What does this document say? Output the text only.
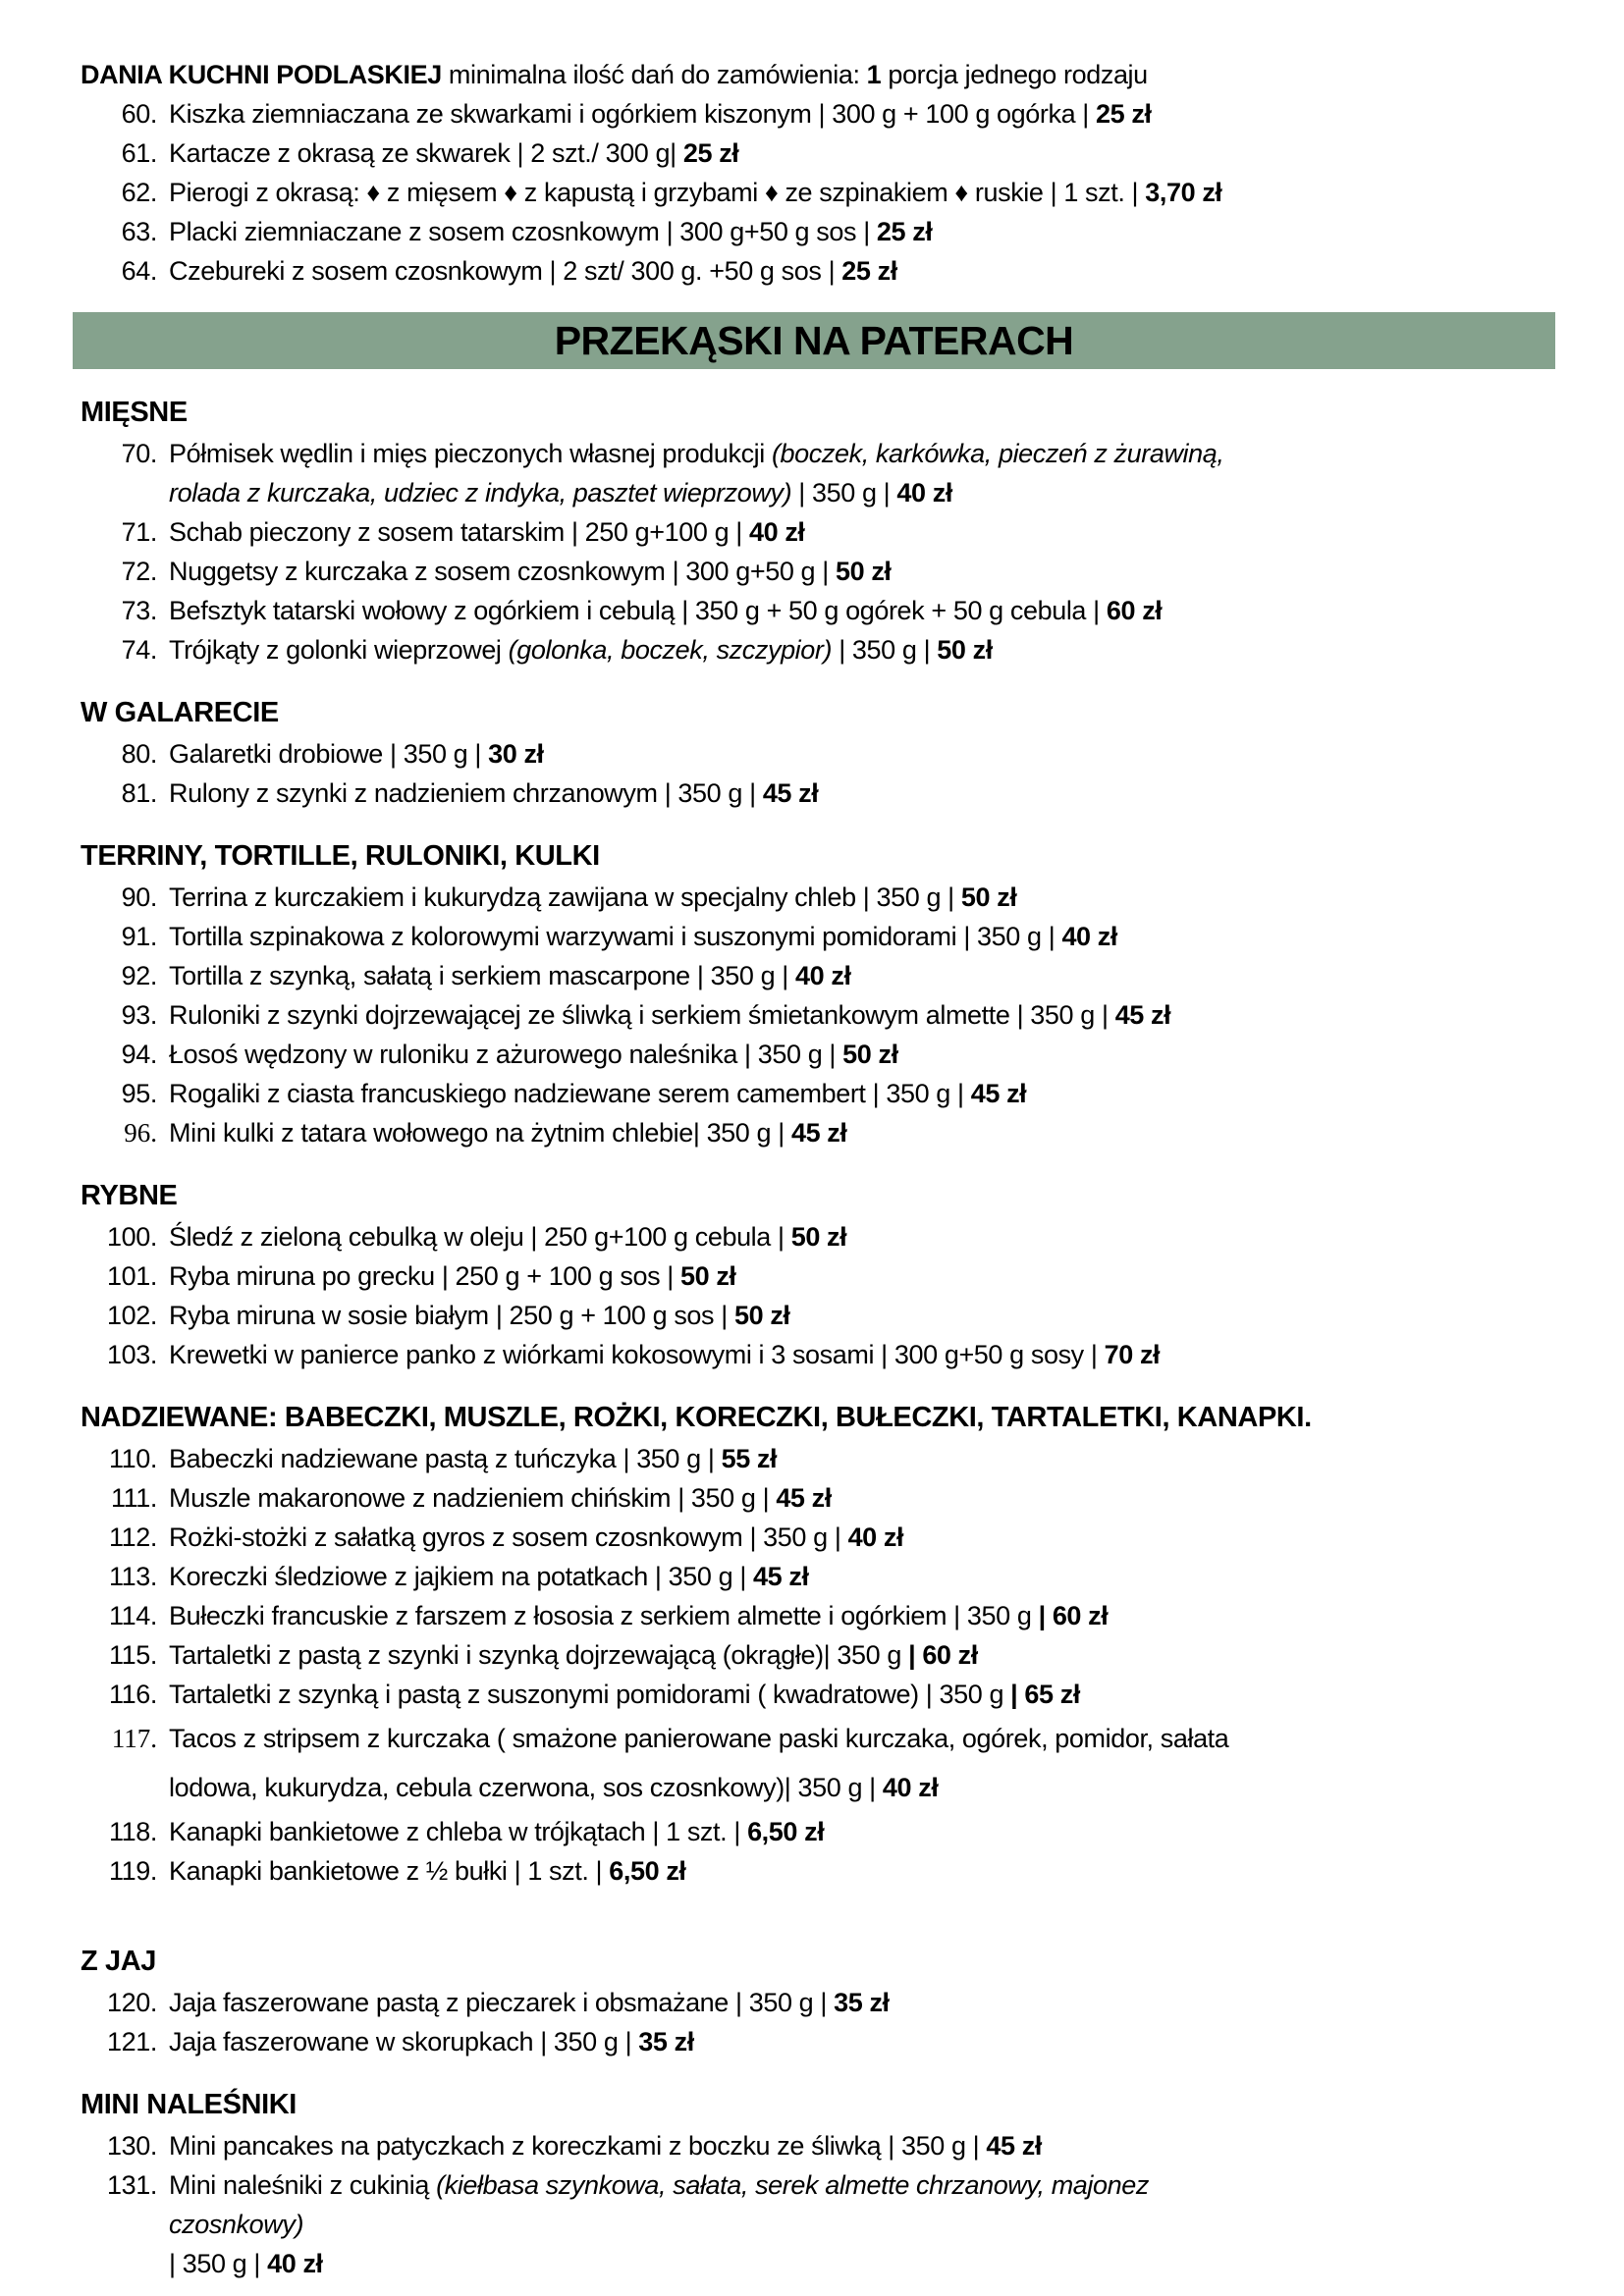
DANIA KUCHNI PODLASKIEJ minimalna ilość dań do zamówienia: 1 porcja jednego rodzaju

60. Kiszka ziemniaczana ze skwarkami i ogórkiem kiszonym | 300 g + 100 g ogórka | 25 zł
61. Kartacze z okrasą ze skwarek | 2 szt./ 300 g| 25 zł
62. Pierogi z okrasą: ♦ z mięsem ♦ z kapustą i grzybami ♦ ze szpinakiem ♦ ruskie | 1 szt. | 3,70 zł
63. Placki ziemniaczane z sosem czosnkowym | 300 g+50 g sos | 25 zł
64. Czebureki z sosem czosnkowym | 2 szt/ 300 g. +50 g sos | 25 zł
PRZEKĄSKI NA PATERACH
MIĘSNE
70. Półmisek wędlin i mięs pieczonych własnej produkcji (boczek, karkówka, pieczeń z żurawiną,
rolada z kurczaka, udziec z indyka, pasztet wieprzowy) | 350 g | 40 zł
71. Schab pieczony z sosem tatarskim | 250 g+100 g | 40 zł
72. Nuggetsy z kurczaka z sosem czosnkowym | 300 g+50 g | 50 zł
73. Befsztyk tatarski wołowy z ogórkiem i cebulą | 350 g + 50 g ogórek + 50 g cebula | 60 zł
74. Trójkąty z golonki wieprzowej (golonka, boczek, szczypior) | 350 g | 50 zł
W GALARECIE
80. Galaretki drobiowe | 350 g | 30 zł
81. Rulony z szynki z nadzieniem chrzanowym | 350 g | 45 zł
TERRINY, TORTILLE, RULONIKI, KULKI
90. Terrina z kurczakiem i kukurydzą zawijana w specjalny chleb | 350 g | 50 zł
91. Tortilla szpinakowa z kolorowymi warzywami i suszonymi pomidorami | 350 g | 40 zł
92. Tortilla z szynką, sałatą i serkiem mascarpone | 350 g | 40 zł
93. Ruloniki z szynki dojrzewającej ze śliwką i serkiem śmietankowym almette | 350 g | 45 zł
94. Łosoś wędzony w ruloniku z ażurowego naleśnika | 350 g | 50 zł
95. Rogaliki z ciasta francuskiego nadziewane serem camembert | 350 g | 45 zł
96. Mini kulki z tatara wołowego na żytnim chlebie| 350 g | 45 zł
RYBNE
100. Śledź z zieloną cebulką w oleju | 250 g+100 g cebula | 50 zł
101. Ryba miruna po grecku | 250 g + 100 g sos | 50 zł
102. Ryba miruna w sosie białym | 250 g + 100 g sos | 50 zł
103. Krewetki w panierce panko z wiórkami kokosowymi i 3 sosami | 300 g+50 g sosy | 70 zł
NADZIEWANE: BABECZKI, MUSZLE, ROŻKI, KORECZKI, BUŁECZKI, TARTALETKI, KANAPKI.
110. Babeczki nadziewane pastą z tuńczyka | 350 g | 55 zł
111. Muszle makaronowe z nadzieniem chińskim | 350 g | 45 zł
112. Rożki-stożki z sałatką gyros z sosem czosnkowym | 350 g | 40 zł
113. Koreczki śledziowe z jajkiem na potatkach | 350 g | 45 zł
114. Bułeczki francuskie z farszem z łososia z serkiem almette i ogórkiem | 350 g | 60 zł
115. Tartaletki z pastą z szynki i szynką dojrzewającą (okrągłe)| 350 g | 60 zł
116. Tartaletki z szynką i pastą z suszonymi pomidorami ( kwadratowe) | 350 g | 65 zł
117. Tacos z stripsem z kurczaka ( smażone panierowane paski kurczaka, ogórek, pomidor, sałata
lodowa, kukurydza, cebula czerwona, sos czosnkowy)| 350 g | 40 zł
118. Kanapki bankietowe z chleba w trójkątach | 1 szt. | 6,50 zł
119. Kanapki bankietowe z ½ bułki | 1 szt. | 6,50 zł
Z JAJ
120. Jaja faszerowane pastą z pieczarek i obsmażane | 350 g | 35 zł
121. Jaja faszerowane w skorupkach | 350 g | 35 zł
MINI NALEŚNIKI
130. Mini pancakes na patyczkach z koreczkami z boczku ze śliwką | 350 g | 45 zł
131. Mini naleśniki z cukinią (kiełbasa szynkowa, sałata, serek almette chrzanowy, majonez
czosnkowy)
| 350 g | 40 zł
